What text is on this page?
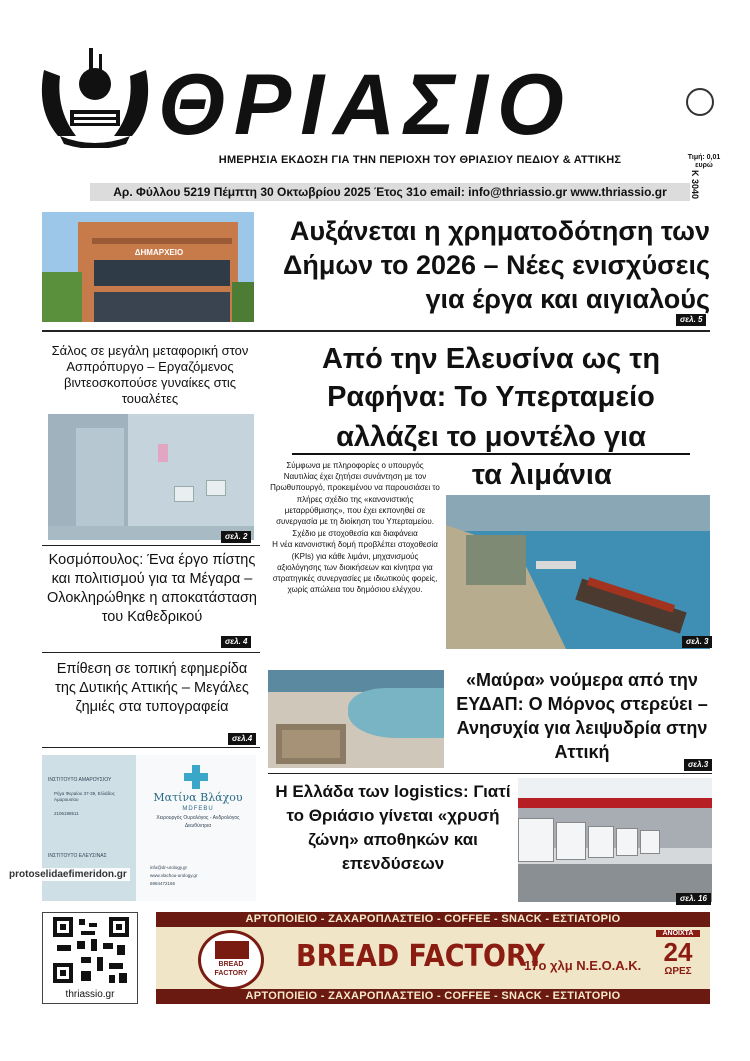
ΘΡΙΑΣΙΟ
Τιμή: 0,01 ευρώ
Κ 3040
ΗΜΕΡΗΣΙΑ ΕΚΔΟΣΗ ΓΙΑ ΤΗΝ ΠΕΡΙΟΧΗ ΤΟΥ ΘΡΙΑΣΙΟΥ ΠΕΔΙΟΥ & ΑΤΤΙΚΗΣ
Αρ. Φύλλου 5219 Πέμπτη 30 Οκτωβρίου 2025 Έτος 31ο email: info@thriassio.gr www.thriassio.gr
ΔΗΜΑΡΧΕΙΟ
Αυξάνεται η χρηματοδότηση των Δήμων το 2026 – Νέες ενισχύσεις για έργα και αιγιαλούς
σελ. 5
Σάλος σε μεγάλη μεταφορική στον Ασπρόπυργο – Εργαζόμενος βιντεοσκοπούσε γυναίκες στις τουαλέτες
σελ. 2
Κοσμόπουλος: Ένα έργο πίστης και πολιτισμού για τα Μέγαρα – Ολοκληρώθηκε η αποκατάσταση του Καθεδρικού
σελ. 4
Επίθεση σε τοπική εφημερίδα της Δυτικής Αττικής – Μεγάλες ζημιές στα τυπογραφεία
σελ.4
ΙΝΣΤΙΤΟΥΤΟ ΑΜΑΡΟΥΣΙΟΥ
Ρήγα Φεραίου 37-39, Ελλάδος Αμαρουσίου
2106198511
ΙΝΣΤΙΤΟΥΤΟ ΕΛΕΥΣΙΝΑΣ
Ματίνα Βλάχου
MDFEBU
Χειρουργός Ουρολόγος - Ανδρολόγος
Διευθύντρια
info@dr-urology.gr
www.vlachou-urology.gr
6984472165
protoselidaefimeridon.gr
Από την Ελευσίνα ως τη
Ραφήνα: Το Υπερταμείο
αλλάζει το μοντέλο για
τα λιμάνια

Σύμφωνα με πληροφορίες ο υπουργός Ναυτιλίας έχει ζητήσει συνάντηση με τον Πρωθυπουργό, προκειμένου να παρουσιάσει το πλήρες σχέδιο της «κανονιστικής μεταρρύθμισης», που έχει εκπονηθεί σε συνεργασία με τη διοίκηση του Υπερταμείου.

Σχέδιο με στοχοθεσία και διαφάνεια

Η νέα κανονιστική δομή προβλέπει στοχοθεσία (KPIs) για κάθε λιμάνι, μηχανισμούς αξιολόγησης των διοικήσεων και κίνητρα για στρατηγικές συνεργασίες με ιδιωτικούς φορείς, χωρίς απώλεια του δημόσιου ελέγχου.

σελ. 3
«Μαύρα» νούμερα από την ΕΥΔΑΠ: Ο Μόρνος στερεύει – Ανησυχία για λειψυδρία στην Αττική
σελ.3
Η Ελλάδα των logistics: Γιατί το Θριάσιο γίνεται «χρυσή ζώνη» αποθηκών και επενδύσεων
σελ. 16
thriassio.gr
ΑΡΤΟΠΟΙΕΙΟ - ΖΑΧΑΡΟΠΛΑΣΤΕΙΟ - COFFEE - SNACK - ΕΣΤΙΑΤΟΡΙΟ
BREAD
FACTORY	BREAD FACTORY
17ο χλμ Ν.Ε.Ο.Α.Κ.
ΑΝΟΙΧΤΑ
24
ΩΡΕΣ
ΑΡΤΟΠΟΙΕΙΟ - ΖΑΧΑΡΟΠΛΑΣΤΕΙΟ - COFFEE - SNACK - ΕΣΤΙΑΤΟΡΙΟ
